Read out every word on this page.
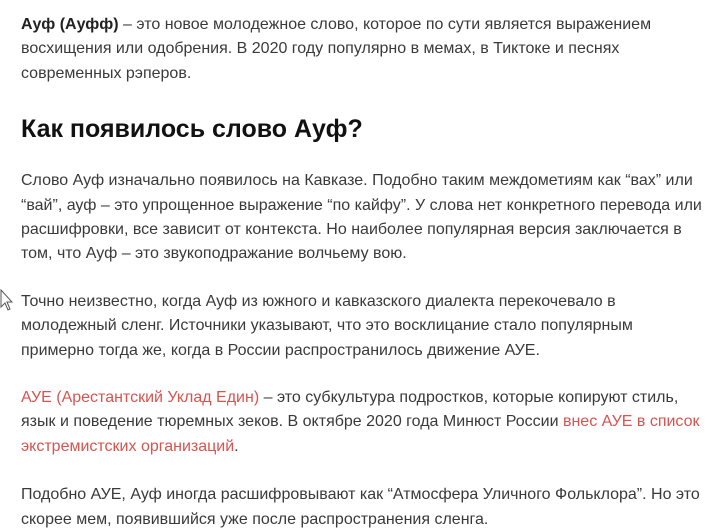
Ауф (Ауфф) – это новое молодежное слово, которое по сути является выражением восхищения или одобрения. В 2020 году популярно в мемах, в Тиктоке и песнях современных рэперов.

Как появилось слово Ауф?

Слово Ауф изначально появилось на Кавказе. Подобно таким междометиям как “вах” или “вай”, ауф – это упрощенное выражение “по кайфу”. У слова нет конкретного перевода или расшифровки, все зависит от контекста. Но наиболее популярная версия заключается в том, что Ауф – это звукоподражание волчьему вою.

Точно неизвестно, когда Ауф из южного и кавказского диалекта перекочевало в молодежный сленг. Источники указывают, что это восклицание стало популярным примерно тогда же, когда в России распространилось движение АУЕ.

АУЕ (Арестантский Уклад Един) – это субкультура подростков, которые копируют стиль, язык и поведение тюремных зеков. В октябре 2020 года Минюст России внес АУЕ в список экстремистских организаций.

Подобно АУЕ, Ауф иногда расшифровывают как “Атмосфера Уличного Фольклора”. Но это скорее мем, появившийся уже после распространения сленга.
